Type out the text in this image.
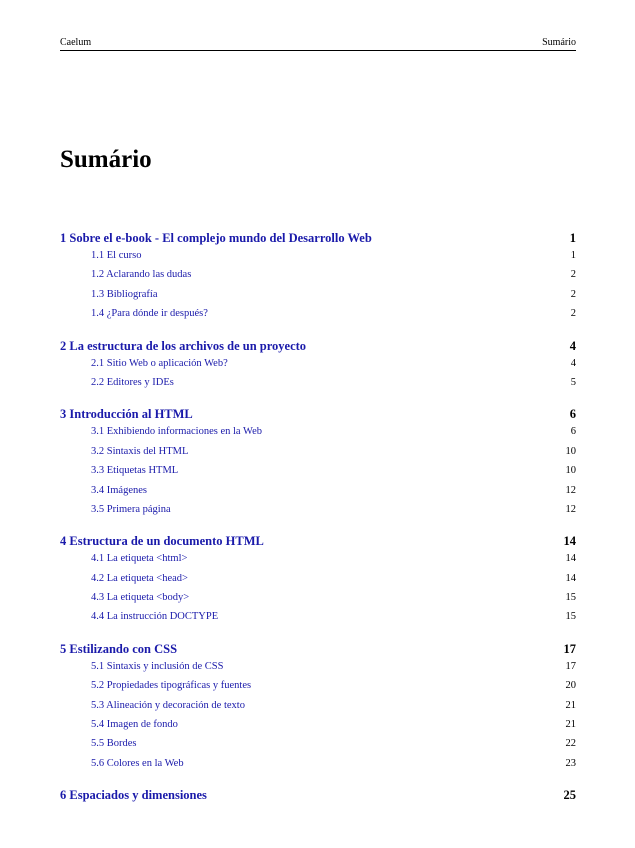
Caelum	Sumário
Sumário
1 Sobre el e-book - El complejo mundo del Desarrollo Web	1
1.1 El curso	1
1.2 Aclarando las dudas	2
1.3 Bibliografía	2
1.4 ¿Para dónde ir después?	2
2 La estructura de los archivos de un proyecto	4
2.1 Sitio Web o aplicación Web?	4
2.2 Editores y IDEs	5
3 Introducción al HTML	6
3.1 Exhibiendo informaciones en la Web	6
3.2 Sintaxis del HTML	10
3.3 Etiquetas HTML	10
3.4 Imágenes	12
3.5 Primera página	12
4 Estructura de un documento HTML	14
4.1 La etiqueta <html>	14
4.2 La etiqueta <head>	14
4.3 La etiqueta <body>	15
4.4 La instrucción DOCTYPE	15
5 Estilizando con CSS	17
5.1 Sintaxis y inclusión de CSS	17
5.2 Propiedades tipográficas y fuentes	20
5.3 Alineación y decoración de texto	21
5.4 Imagen de fondo	21
5.5 Bordes	22
5.6 Colores en la Web	23
6 Espaciados y dimensiones	25
